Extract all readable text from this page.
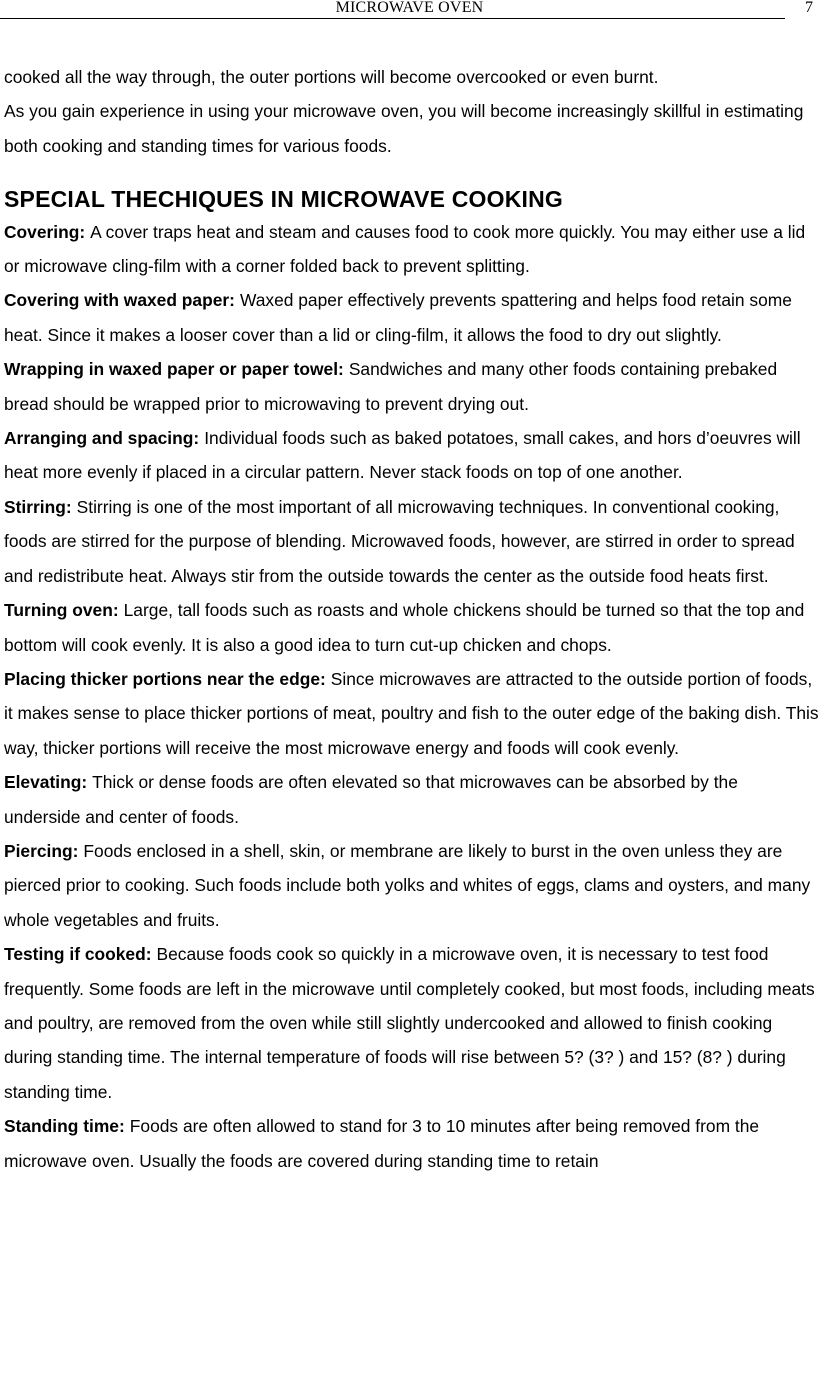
MICROWAVE OVEN	7

cooked all the way through, the outer portions will become overcooked or even burnt.

As you gain experience in using your microwave oven, you will become increasingly skillful in estimating both cooking and standing times for various foods.

SPECIAL THECHIQUES IN MICROWAVE COOKING

Covering: A cover traps heat and steam and causes food to cook more quickly. You may either use a lid or microwave cling-film with a corner folded back to prevent splitting.

Covering with waxed paper: Waxed paper effectively prevents spattering and helps food retain some heat. Since it makes a looser cover than a lid or cling-film, it allows the food to dry out slightly.

Wrapping in waxed paper or paper towel: Sandwiches and many other foods containing prebaked bread should be wrapped prior to microwaving to prevent drying out.

Arranging and spacing: Individual foods such as baked potatoes, small cakes, and hors d’oeuvres will heat more evenly if placed in a circular pattern. Never stack foods on top of one another.

Stirring: Stirring is one of the most important of all microwaving techniques. In conventional cooking, foods are stirred for the purpose of blending. Microwaved foods, however, are stirred in order to spread and redistribute heat. Always stir from the outside towards the center as the outside food heats first.

Turning oven: Large, tall foods such as roasts and whole chickens should be turned so that the top and bottom will cook evenly. It is also a good idea to turn cut-up chicken and chops.

Placing thicker portions near the edge: Since microwaves are attracted to the outside portion of foods, it makes sense to place thicker portions of meat, poultry and fish to the outer edge of the baking dish. This way, thicker portions will receive the most microwave energy and foods will cook evenly.

Elevating: Thick or dense foods are often elevated so that microwaves can be absorbed by the underside and center of foods.

Piercing: Foods enclosed in a shell, skin, or membrane are likely to burst in the oven unless they are pierced prior to cooking. Such foods include both yolks and whites of eggs, clams and oysters, and many whole vegetables and fruits.

Testing if cooked: Because foods cook so quickly in a microwave oven, it is necessary to test food frequently. Some foods are left in the microwave until completely cooked, but most foods, including meats and poultry, are removed from the oven while still slightly undercooked and allowed to finish cooking during standing time. The internal temperature of foods will rise between 5? (3? ) and 15? (8? ) during standing time.

Standing time: Foods are often allowed to stand for 3 to 10 minutes after being removed from the microwave oven. Usually the foods are covered during standing time to retain
